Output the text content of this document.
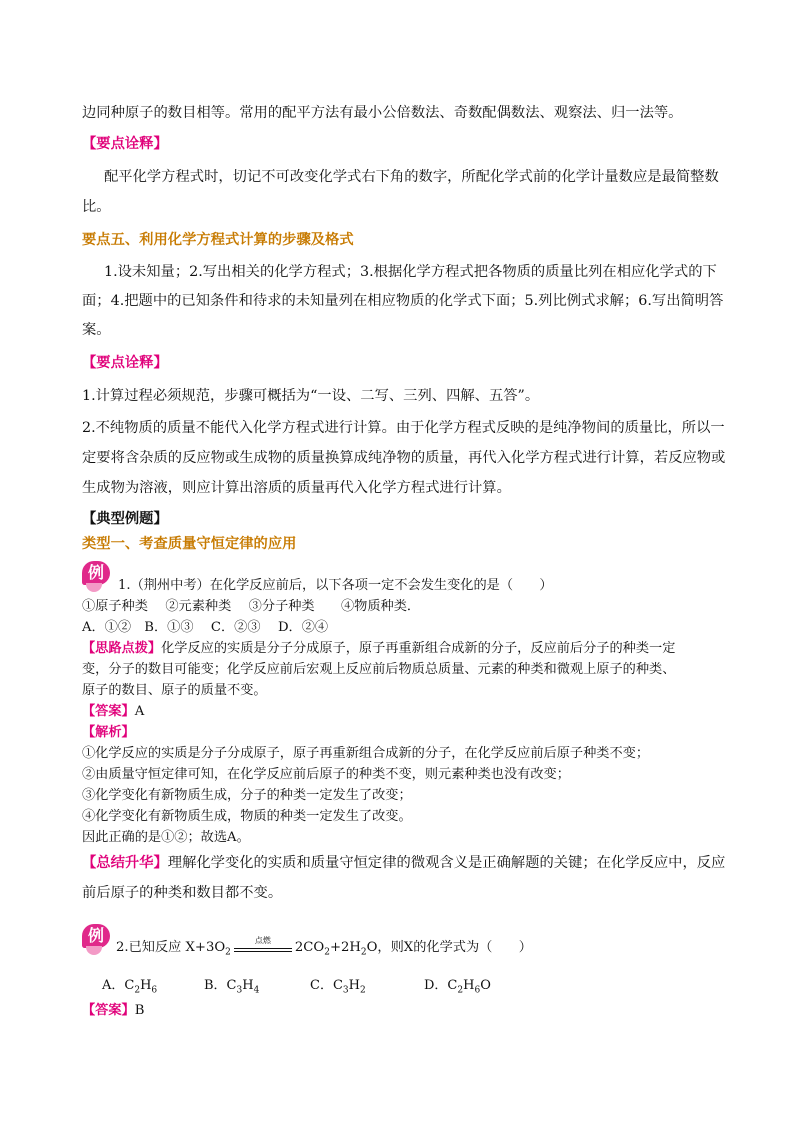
边同种原子的数目相等。常用的配平方法有最小公倍数法、奇数配偶数法、观察法、归一法等。

【要点诠释】

配平化学方程式时，切记不可改变化学式右下角的数字，所配化学式前的化学计量数应是最简整数

比。

要点五、利用化学方程式计算的步骤及格式

1.设未知量；2.写出相关的化学方程式；3.根据化学方程式把各物质的质量比列在相应化学式的下

面；4.把题中的已知条件和待求的未知量列在相应物质的化学式下面；5.列比例式求解；6.写出简明答

案。

【要点诠释】

1.计算过程必须规范，步骤可概括为“一设、二写、三列、四解、五答”。

2.不纯物质的质量不能代入化学方程式进行计算。由于化学方程式反映的是纯净物间的质量比，所以一

定要将含杂质的反应物或生成物的质量换算成纯净物的质量，再代入化学方程式进行计算，若反应物或

生成物为溶液，则应计算出溶质的质量再代入化学方程式进行计算。

【典型例题】

类型一、考查质量守恒定律的应用

例

1.（荆州中考）在化学反应前后，以下各项一定不会发生变化的是（　　）

①原子种类　 ②元素种类　 ③分子种类　　④物质种类．

A．①②　B．①③　 C．②③　 D．②④

【思路点拨】化学反应的实质是分子分成原子，原子再重新组合成新的分子，反应前后分子的种类一定

变，分子的数目可能变；化学反应前后宏观上反应前后物质总质量、元素的种类和微观上原子的种类、

原子的数目、原子的质量不变。

【答案】A

【解析】

①化学反应的实质是分子分成原子，原子再重新组合成新的分子，在化学反应前后原子种类不变；

②由质量守恒定律可知，在化学反应前后原子的种类不变，则元素种类也没有改变；

③化学变化有新物质生成，分子的种类一定发生了改变；

④化学变化有新物质生成，物质的种类一定发生了改变。

因此正确的是①②；故选A。

【总结升华】理解化学变化的实质和质量守恒定律的微观含义是正确解题的关键；在化学反应中，反应

前后原子的种类和数目都不变。

例

2.已知反应 $X+3O_2$
点燃	$2CO_2+2H_2O$，则X的化学式为（　　）

A．$C_2H_6$	B．$C_3H_4$	C．$C_3H_2$	D．$C_2H_6O$

【答案】B
